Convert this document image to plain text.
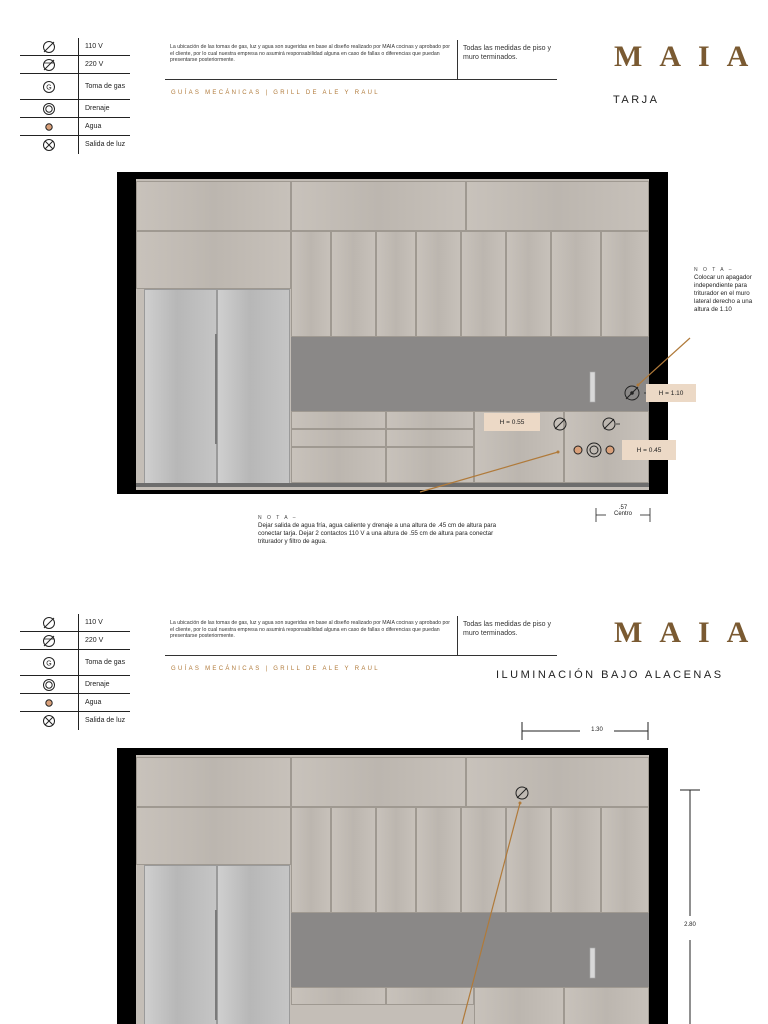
110 V
220 V
G	Toma de gas
Drenaje
Agua
Salida de luz
La ubicación de las tomas de gas, luz y agua son sugeridas en base al diseño realizado por MAIA cocinas y aprobado por el cliente, por lo cual nuestra empresa no asumirá responsabilidad alguna en caso de fallas o diferencias que puedan presentarse posteriormente.
Todas las medidas de piso y muro terminados.
GUÍAS MECÁNICAS | GRILL DE ALE Y RAUL
MAIA
TARJA
H = 1.10
H = 0.55
H = 0.45
N O T A –
Colocar un apagador independiente para triturador en el muro lateral derecho a una altura de 1.10
N O T A –
Dejar salida de agua fría, agua caliente y drenaje a una altura de .45 cm de altura para conectar tarja. Dejar 2 contactos 110 V a una altura de .55 cm de altura para conectar triturador y filtro de agua.
.57
Centro
110 V
220 V
G	Toma de gas
Drenaje
Agua
Salida de luz
La ubicación de las tomas de gas, luz y agua son sugeridas en base al diseño realizado por MAIA cocinas y aprobado por el cliente, por lo cual nuestra empresa no asumirá responsabilidad alguna en caso de fallas o diferencias que puedan presentarse posteriormente.
Todas las medidas de piso y muro terminados.
GUÍAS MECÁNICAS | GRILL DE ALE Y RAUL
MAIA
ILUMINACIÓN BAJO ALACENAS
1.30
2.80
